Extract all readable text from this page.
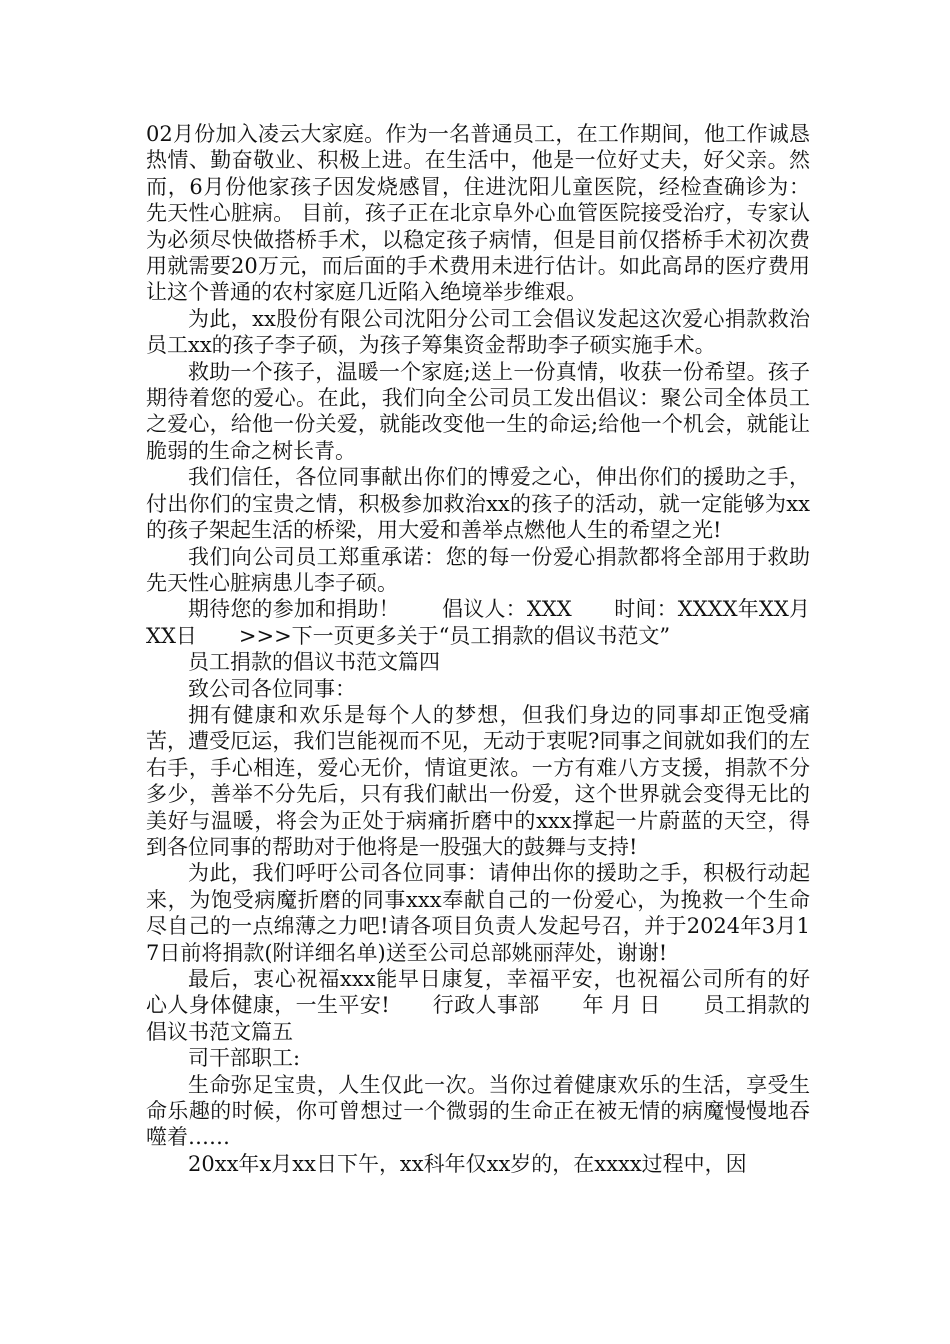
02月份加入凌云大家庭。作为一名普通员工，在工作期间，他工作诚恳热情、勤奋敬业、积极上进。在生活中，他是一位好丈夫，好父亲。然而，6月份他家孩子因发烧感冒，住进沈阳儿童医院，经检查确诊为：先天性心脏病。 目前，孩子正在北京阜外心血管医院接受治疗，专家认为必须尽快做搭桥手术，以稳定孩子病情，但是目前仅搭桥手术初次费用就需要20万元，而后面的手术费用未进行估计。如此高昂的医疗费用让这个普通的农村家庭几近陷入绝境举步维艰。

为此，xx股份有限公司沈阳分公司工会倡议发起这次爱心捐款救治员工xx的孩子李子硕，为孩子筹集资金帮助李子硕实施手术。

救助一个孩子，温暖一个家庭;送上一份真情，收获一份希望。孩子期待着您的爱心。在此，我们向全公司员工发出倡议：聚公司全体员工之爱心，给他一份关爱，就能改变他一生的命运;给他一个机会，就能让脆弱的生命之树长青。

我们信任，各位同事献出你们的博爱之心，伸出你们的援助之手，付出你们的宝贵之情，积极参加救治xx的孩子的活动，就一定能够为xx的孩子架起生活的桥梁，用大爱和善举点燃他人生的希望之光!

我们向公司员工郑重承诺：您的每一份爱心捐款都将全部用于救助先天性心脏病患儿李子硕。

期待您的参加和捐助！　　倡议人：XXX　　时间：XXXX年XX月XX日　　>>>下一页更多关于“员工捐款的倡议书范文”

员工捐款的倡议书范文篇四

致公司各位同事：

拥有健康和欢乐是每个人的梦想，但我们身边的同事却正饱受痛苦，遭受厄运，我们岂能视而不见，无动于衷呢?同事之间就如我们的左右手，手心相连，爱心无价，情谊更浓。一方有难八方支援，捐款不分多少，善举不分先后，只有我们献出一份爱，这个世界就会变得无比的美好与温暖，将会为正处于病痛折磨中的xxx撑起一片蔚蓝的天空，得到各位同事的帮助对于他将是一股强大的鼓舞与支持!

为此，我们呼吁公司各位同事：请伸出你的援助之手，积极行动起来，为饱受病魔折磨的同事xxx奉献自己的一份爱心，为挽救一个生命尽自己的一点绵薄之力吧!请各项目负责人发起号召，并于2024年3月17日前将捐款(附详细名单)送至公司总部姚丽萍处，谢谢!

最后，衷心祝福xxx能早日康复，幸福平安，也祝福公司所有的好心人身体健康，一生平安!　　行政人事部　　年 月 日　　员工捐款的倡议书范文篇五

司干部职工:

生命弥足宝贵，人生仅此一次。当你过着健康欢乐的生活，享受生命乐趣的时候，你可曾想过一个微弱的生命正在被无情的病魔慢慢地吞噬着……

20xx年x月xx日下午，xx科年仅xx岁的，在xxxx过程中，因
